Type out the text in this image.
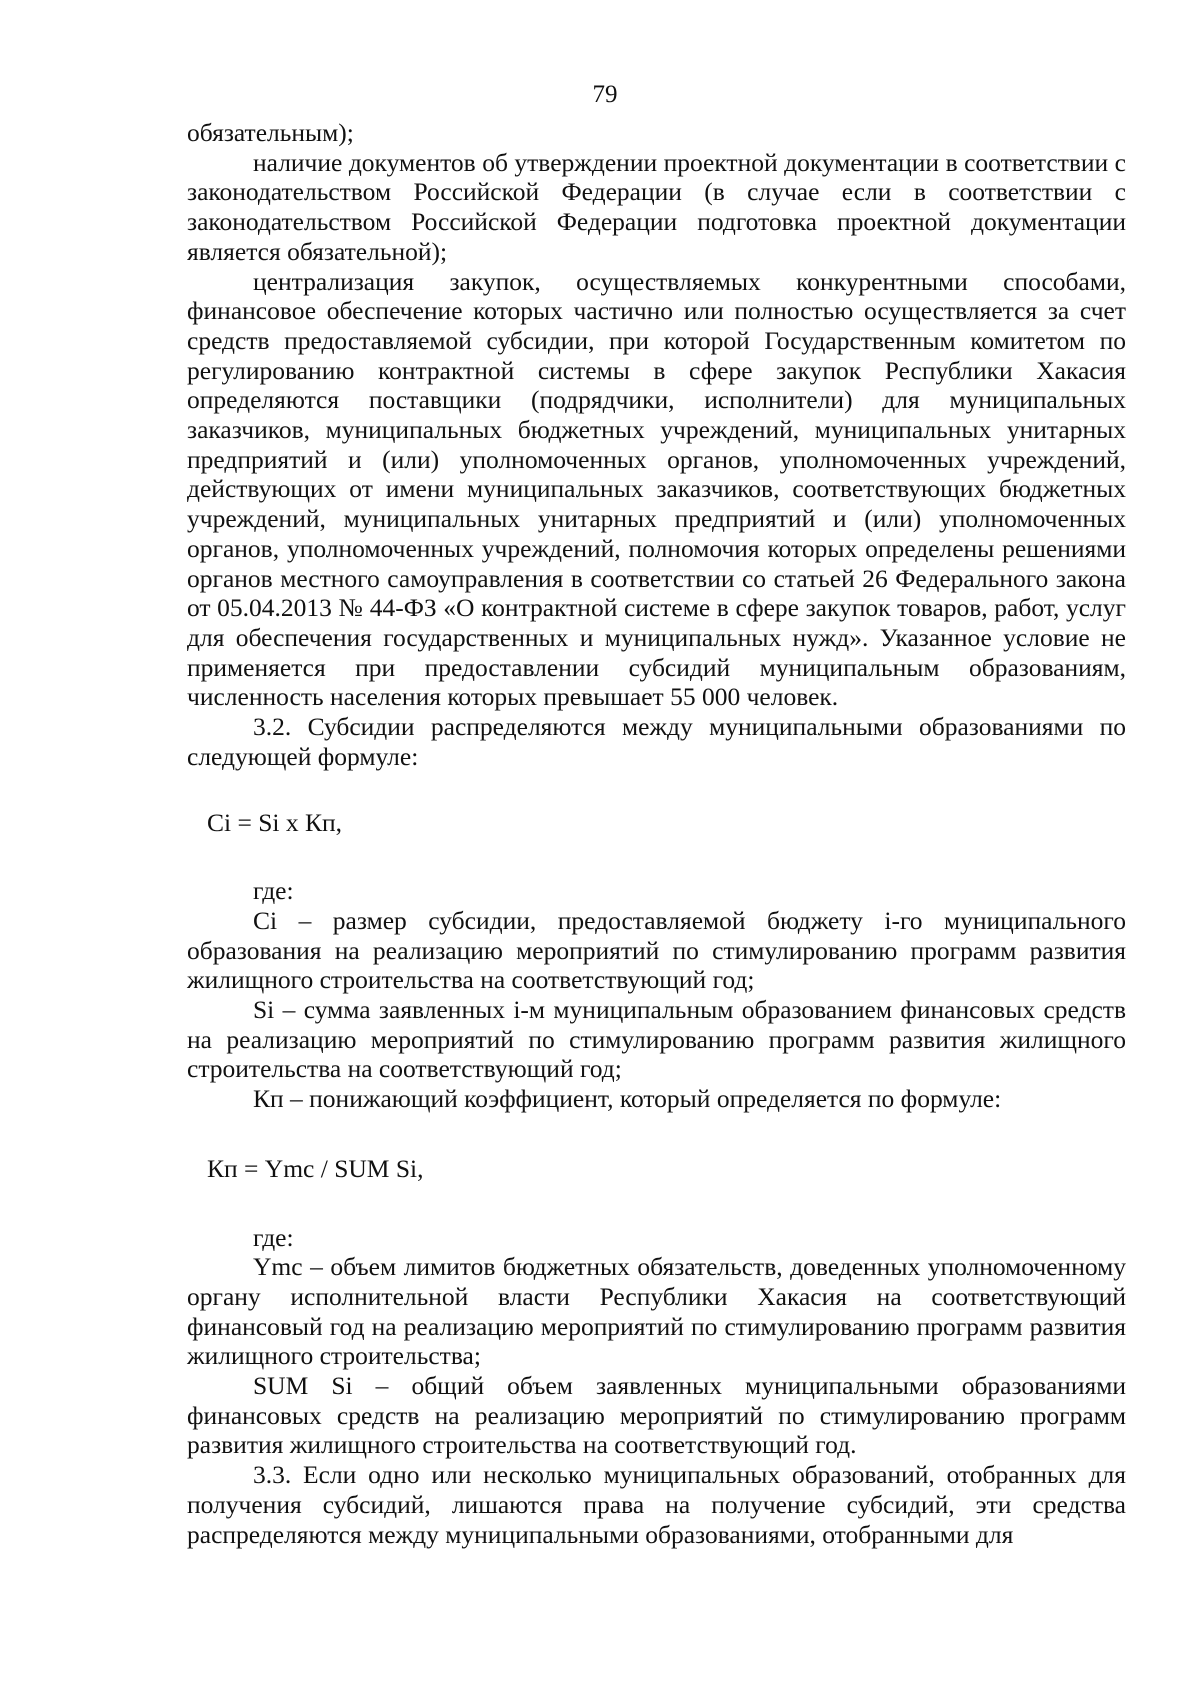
79

обязательным);

наличие документов об утверждении проектной документации в соответствии с законодательством Российской Федерации (в случае если в соответствии с законодательством Российской Федерации подготовка проектной документации является обязательной);

централизация закупок, осуществляемых конкурентными способами, финансовое обеспечение которых частично или полностью осуществляется за счет средств предоставляемой субсидии, при которой Государственным комитетом по регулированию контрактной системы в сфере закупок Республики Хакасия определяются поставщики (подрядчики, исполнители) для муниципальных заказчиков, муниципальных бюджетных учреждений, муниципальных унитарных предприятий и (или) уполномоченных органов, уполномоченных учреждений, действующих от имени муниципальных заказчиков, соответствующих бюджетных учреждений, муниципальных унитарных предприятий и (или) уполномоченных органов, уполномоченных учреждений, полномочия которых определены решениями органов местного самоуправления в соответствии со статьей 26 Федерального закона от 05.04.2013 № 44-ФЗ «О контрактной системе в сфере закупок товаров, работ, услуг для обеспечения государственных и муниципальных нужд». Указанное условие не применяется при предоставлении субсидий муниципальным образованиям, численность населения которых превышает 55 000 человек.

3.2. Субсидии распределяются между муниципальными образованиями по следующей формуле:

Ci = Si x Кп,

где:

Ci – размер субсидии, предоставляемой бюджету i-го муниципального образования на реализацию мероприятий по стимулированию программ развития жилищного строительства на соответствующий год;

Si – сумма заявленных i-м муниципальным образованием финансовых средств на реализацию мероприятий по стимулированию программ развития жилищного строительства на соответствующий год;

Кп – понижающий коэффициент, который определяется по формуле:

Кп = Ymc / SUM Si,

где:

Ymc – объем лимитов бюджетных обязательств, доведенных уполномоченному органу исполнительной власти Республики Хакасия на соответствующий финансовый год на реализацию мероприятий по стимулированию программ развития жилищного строительства;

SUM Si – общий объем заявленных муниципальными образованиями финансовых средств на реализацию мероприятий по стимулированию программ развития жилищного строительства на соответствующий год.

3.3. Если одно или несколько муниципальных образований, отобранных для получения субсидий, лишаются права на получение субсидий, эти средства распределяются между муниципальными образованиями, отобранными для
